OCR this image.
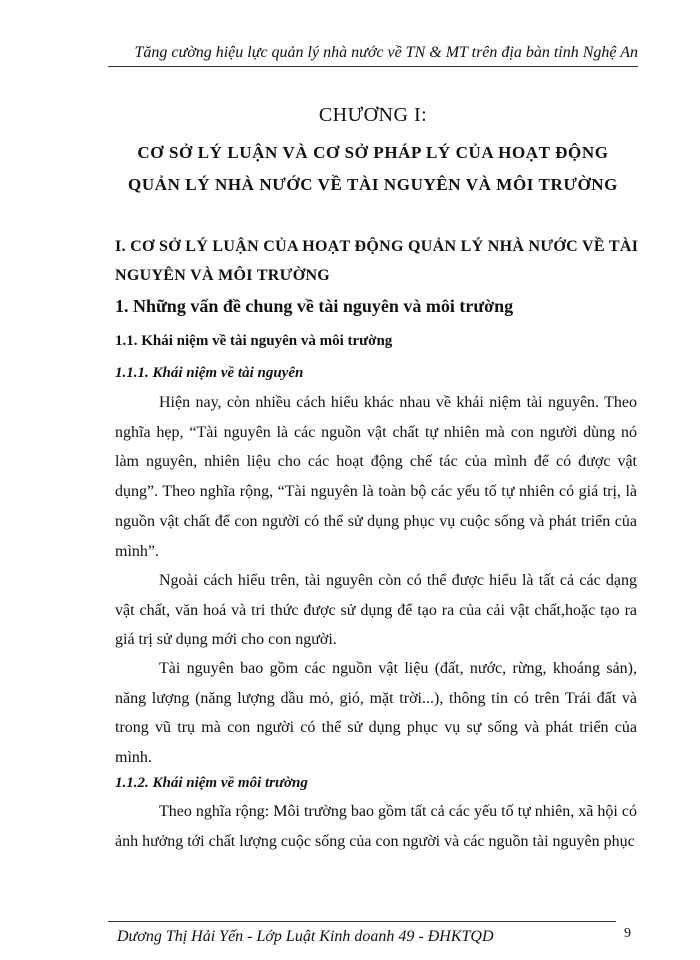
Tăng cường hiệu lực quản lý nhà nước về TN & MT trên địa bàn tỉnh Nghệ An
CHƯƠNG I:
CƠ SỞ LÝ LUẬN VÀ CƠ SỞ PHÁP LÝ CỦA HOẠT ĐỘNG
QUẢN LÝ NHÀ NƯỚC VỀ TÀI NGUYÊN VÀ MÔI TRƯỜNG
I. CƠ SỞ LÝ LUẬN CỦA HOẠT ĐỘNG QUẢN LÝ NHÀ NƯỚC VỀ TÀI NGUYÊN VÀ MÔI TRƯỜNG
1. Những vấn đề chung về tài nguyên và môi trường
1.1. Khái niệm về tài nguyên và môi trường
1.1.1. Khái niệm về tài nguyên
Hiện nay, còn nhiều cách hiểu khác nhau về khái niệm tài nguyên. Theo nghĩa hẹp, “Tài nguyên là các nguồn vật chất tự nhiên mà con người dùng nó làm nguyên, nhiên liệu cho các hoạt động chế tác của mình để có được vật dụng”. Theo nghĩa rộng, “Tài nguyên là toàn bộ các yếu tố tự nhiên có giá trị, là nguồn vật chất để con người có thể sử dụng phục vụ cuộc sống và phát triển của mình”.
Ngoài cách hiểu trên, tài nguyên còn có thể được hiểu là tất cả các dạng vật chất, văn hoá và tri thức được sử dụng để tạo ra của cải vật chất,hoặc tạo ra giá trị sử dụng mới cho con người.
Tài nguyên bao gồm các nguồn vật liệu (đất, nước, rừng, khoáng sản), năng lượng (năng lượng dầu mỏ, gió, mặt trời...), thông tin có trên Trái đất và trong vũ trụ mà con người có thể sử dụng phục vụ sự sống và phát triển của mình.
1.1.2. Khái niệm về môi trường
Theo nghĩa rộng: Môi trường bao gồm tất cả các yếu tố tự nhiên, xã hội có ảnh hưởng tới chất lượng cuộc sống của con người và các nguồn tài nguyên phục
Dương Thị Hải Yến - Lớp Luật Kinh doanh 49 - ĐHKTQD	9
